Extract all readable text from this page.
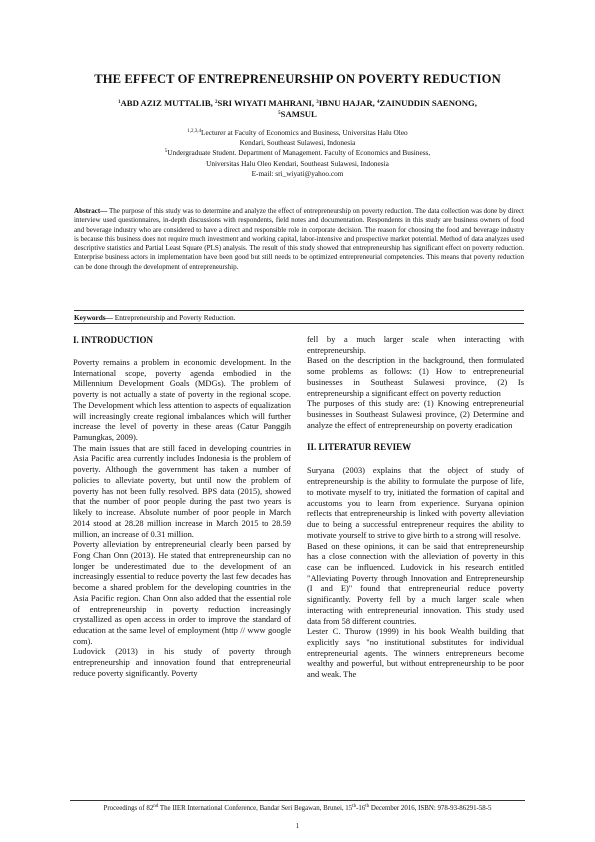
THE EFFECT OF ENTREPRENEURSHIP ON POVERTY REDUCTION
$^1$ABD AZIZ MUTTALIB, $^2$SRI WIYATI MAHRANI, $^3$IBNU HAJAR, $^4$ZAINUDDIN SAENONG,
$^5$SAMSUL
$^{1,2,3,4}$Lecturer at Faculty of Economics and Business, Universitas Halu Oleo
Kendari, Southeast Sulawesi, Indonesia
$^5$Undergraduate Student. Department of Management. Faculty of Economics and Business,
Universitas Halu Oleo Kendari, Southeast Sulawesi, Indonesia
E-mail: sri_wiyati@yahoo.com
Abstract— The purpose of this study was to determine and analyze the effect of entrepreneurship on poverty reduction. The data collection was done by direct interview used questionnaires, in-depth discussions with respondents, field notes and documentation. Respondents in this study are business owners of food and beverage industry who are considered to have a direct and responsible role in corporate decision. The reason for choosing the food and beverage industry is because this business does not require much investment and working capital, labor-intensive and prospective market potential. Method of data analyzes used descriptive statistics and Partial Least Square (PLS) analysis. The result of this study showed that entrepreneurship has significant effect on poverty reduction. Enterprise business actors in implementation have been good but still needs to be optimized entrepreneurial competencies. This means that poverty reduction can be done through the development of entrepreneurship.
Keywords— Entrepreneurship and Poverty Reduction.
I. INTRODUCTION

Poverty remains a problem in economic development. In the International scope, poverty agenda embodied in the Millennium Development Goals (MDGs). The problem of poverty is not actually a state of poverty in the regional scope. The Development which less attention to aspects of equalization will increasingly create regional imbalances which will further increase the level of poverty in these areas (Catur Panggih Pamungkas, 2009).

The main issues that are still faced in developing countries in Asia Pacific area currently includes Indonesia is the problem of poverty. Although the government has taken a number of policies to alleviate poverty, but until now the problem of poverty has not been fully resolved. BPS data (2015), showed that the number of poor people during the past two years is likely to increase. Absolute number of poor people in March 2014 stood at 28.28 million increase in March 2015 to 28.59 million, an increase of 0.31 million.

Poverty alleviation by entrepreneurial clearly been parsed by Fong Chan Onn (2013). He stated that entrepreneurship can no longer be underestimated due to the development of an increasingly essential to reduce poverty the last few decades has become a shared problem for the developing countries in the Asia Pacific region. Chan Onn also added that the essential role of entrepreneurship in poverty reduction increasingly crystallized as open access in order to improve the standard of education at the same level of employment (http // www google com).

Ludovick (2013) in his study of poverty through entrepreneurship and innovation found that entrepreneurial reduce poverty significantly. Poverty

fell by a much larger scale when interacting with entrepreneurship.

Based on the description in the background, then formulated some problems as follows: (1) How to entrepreneurial businesses in Southeast Sulawesi province, (2) Is entrepreneurship a significant effect on poverty reduction

The purposes of this study are: (1) Knowing entrepreneurial businesses in Southeast Sulawesi province, (2) Determine and analyze the effect of entrepreneurship on poverty eradication

II. LITERATUR REVIEW

Suryana (2003) explains that the object of study of entrepreneurship is the ability to formulate the purpose of life, to motivate myself to try, initiated the formation of capital and accustoms you to learn from experience. Suryana opinion reflects that entrepreneurship is linked with poverty alleviation due to being a successful entrepreneur requires the ability to motivate yourself to strive to give birth to a strong will resolve.

Based on these opinions, it can be said that entrepreneurship has a close connection with the alleviation of poverty in this case can be influenced. Ludovick in his research entitled "Alleviating Poverty through Innovation and Entrepreneurship (I and E)" found that entrepreneurial reduce poverty significantly. Poverty fell by a much larger scale when interacting with entrepreneurial innovation. This study used data from 58 different countries.

Lester C. Thurow (1999) in his book Wealth building that explicitly says "no institutional substitutes for individual entrepreneurial agents. The winners entrepreneurs become wealthy and powerful, but without entrepreneurship to be poor and weak. The

Proceedings of 82nd The IIER International Conference, Bandar Seri Begawan, Brunei, 15th-16th December 2016, ISBN: 978-93-86291-58-5
1
